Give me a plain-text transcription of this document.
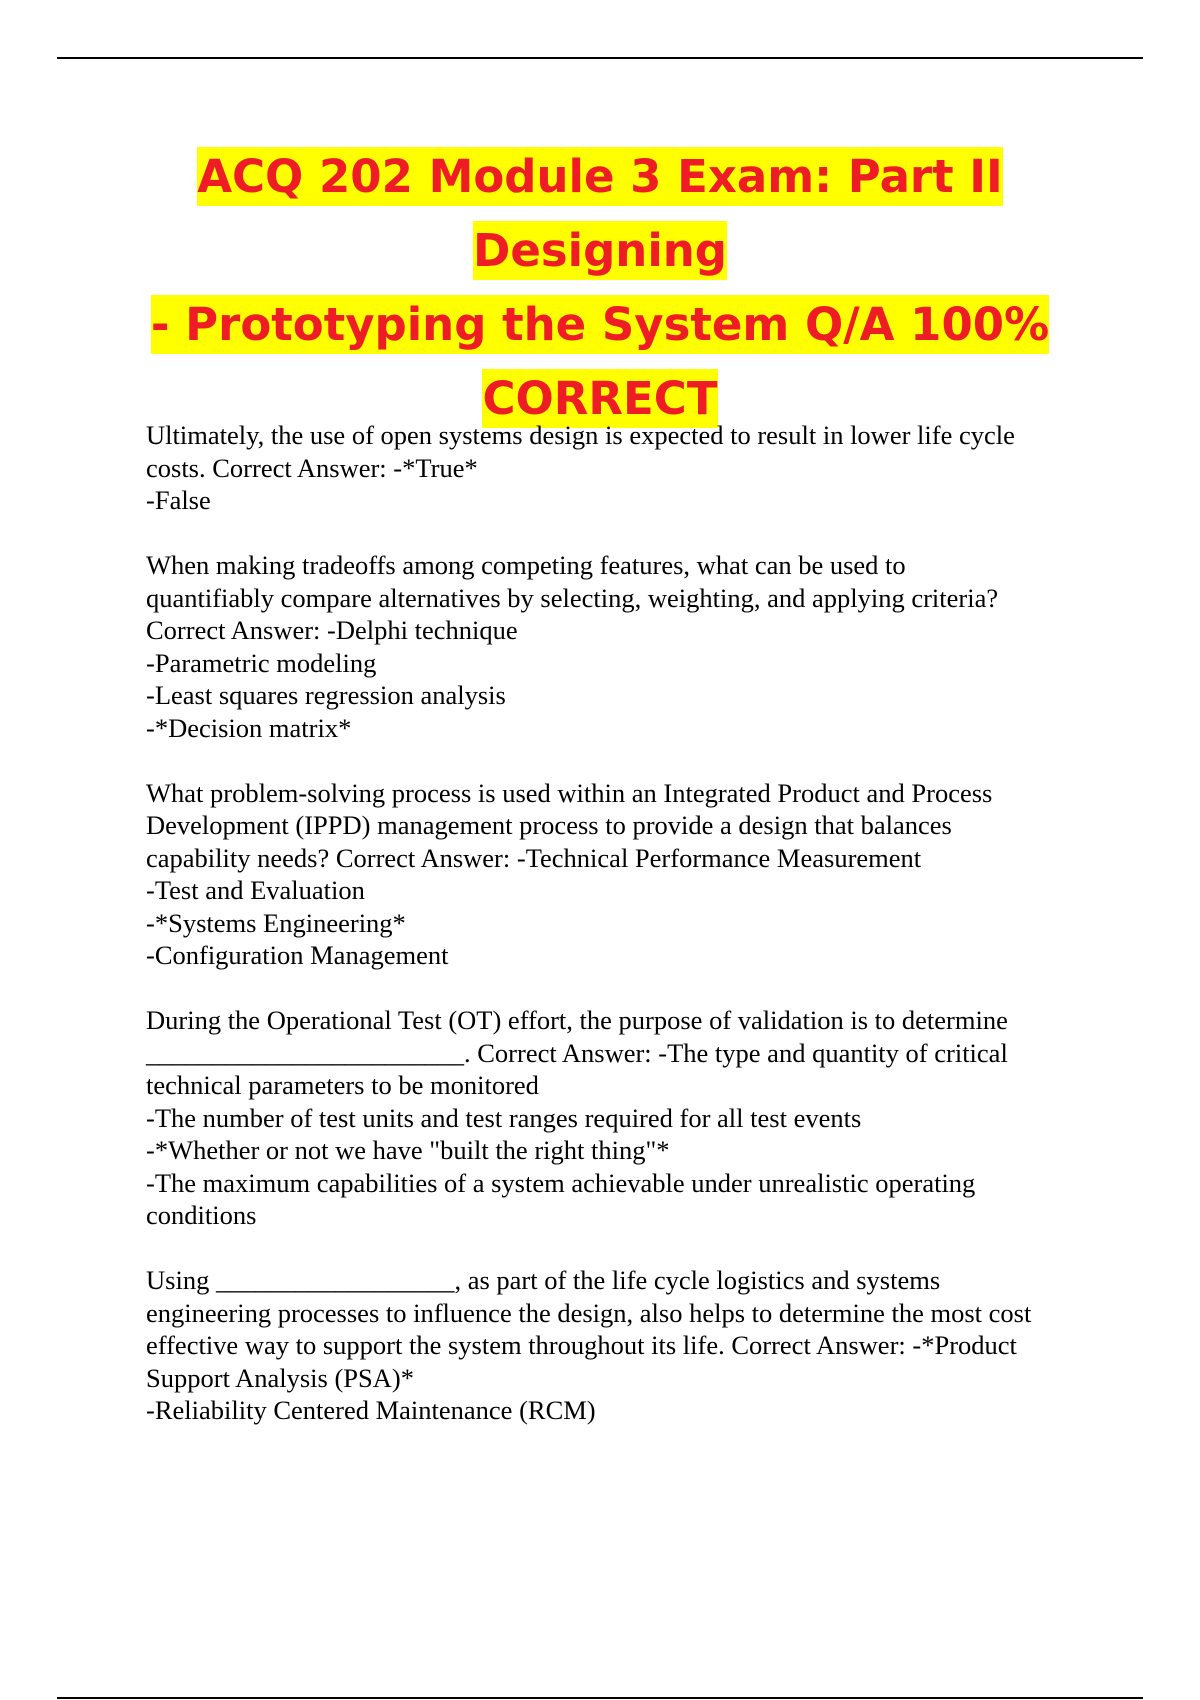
ACQ 202 Module 3 Exam: Part II Designing
- Prototyping the System Q/A 100%
CORRECT

Ultimately, the use of open systems design is expected to result in lower life cycle

costs. Correct Answer: -*True*

-False

When making tradeoffs among competing features, what can be used to

quantifiably compare alternatives by selecting, weighting, and applying criteria?

Correct Answer: -Delphi technique

-Parametric modeling

-Least squares regression analysis

-*Decision matrix*

What problem-solving process is used within an Integrated Product and Process

Development (IPPD) management process to provide a design that balances

capability needs? Correct Answer: -Technical Performance Measurement

-Test and Evaluation

-*Systems Engineering*

-Configuration Management

During the Operational Test (OT) effort, the purpose of validation is to determine

________________________. Correct Answer: -The type and quantity of critical

technical parameters to be monitored

-The number of test units and test ranges required for all test events

-*Whether or not we have "built the right thing"*

-The maximum capabilities of a system achievable under unrealistic operating

conditions

Using __________________, as part of the life cycle logistics and systems

engineering processes to influence the design, also helps to determine the most cost

effective way to support the system throughout its life. Correct Answer: -*Product

Support Analysis (PSA)*

-Reliability Centered Maintenance (RCM)
